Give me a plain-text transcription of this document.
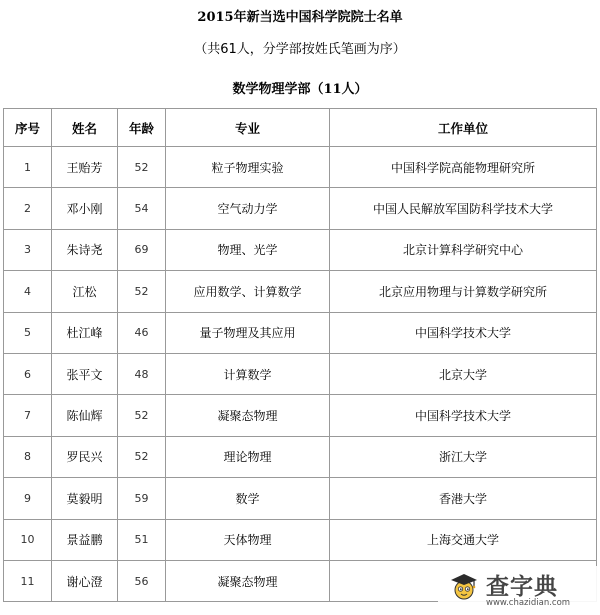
2015年新当选中国科学院院士名单
（共61人，分学部按姓氏笔画为序）
数学物理学部（11人）
序号	姓名	年龄	专业	工作单位
1	王贻芳	52	粒子物理实验	中国科学院高能物理研究所
2	邓小刚	54	空气动力学	中国人民解放军国防科学技术大学
3	朱诗尧	69	物理、光学	北京计算科学研究中心
4	江松	52	应用数学、计算数学	北京应用物理与计算数学研究所
5	杜江峰	46	量子物理及其应用	中国科学技术大学
6	张平文	48	计算数学	北京大学
7	陈仙辉	52	凝聚态物理	中国科学技术大学
8	罗民兴	52	理论物理	浙江大学
9	莫毅明	59	数学	香港大学
10	景益鹏	51	天体物理	上海交通大学
11	谢心澄	56	凝聚态物理		查字典
www.chazidian.com
